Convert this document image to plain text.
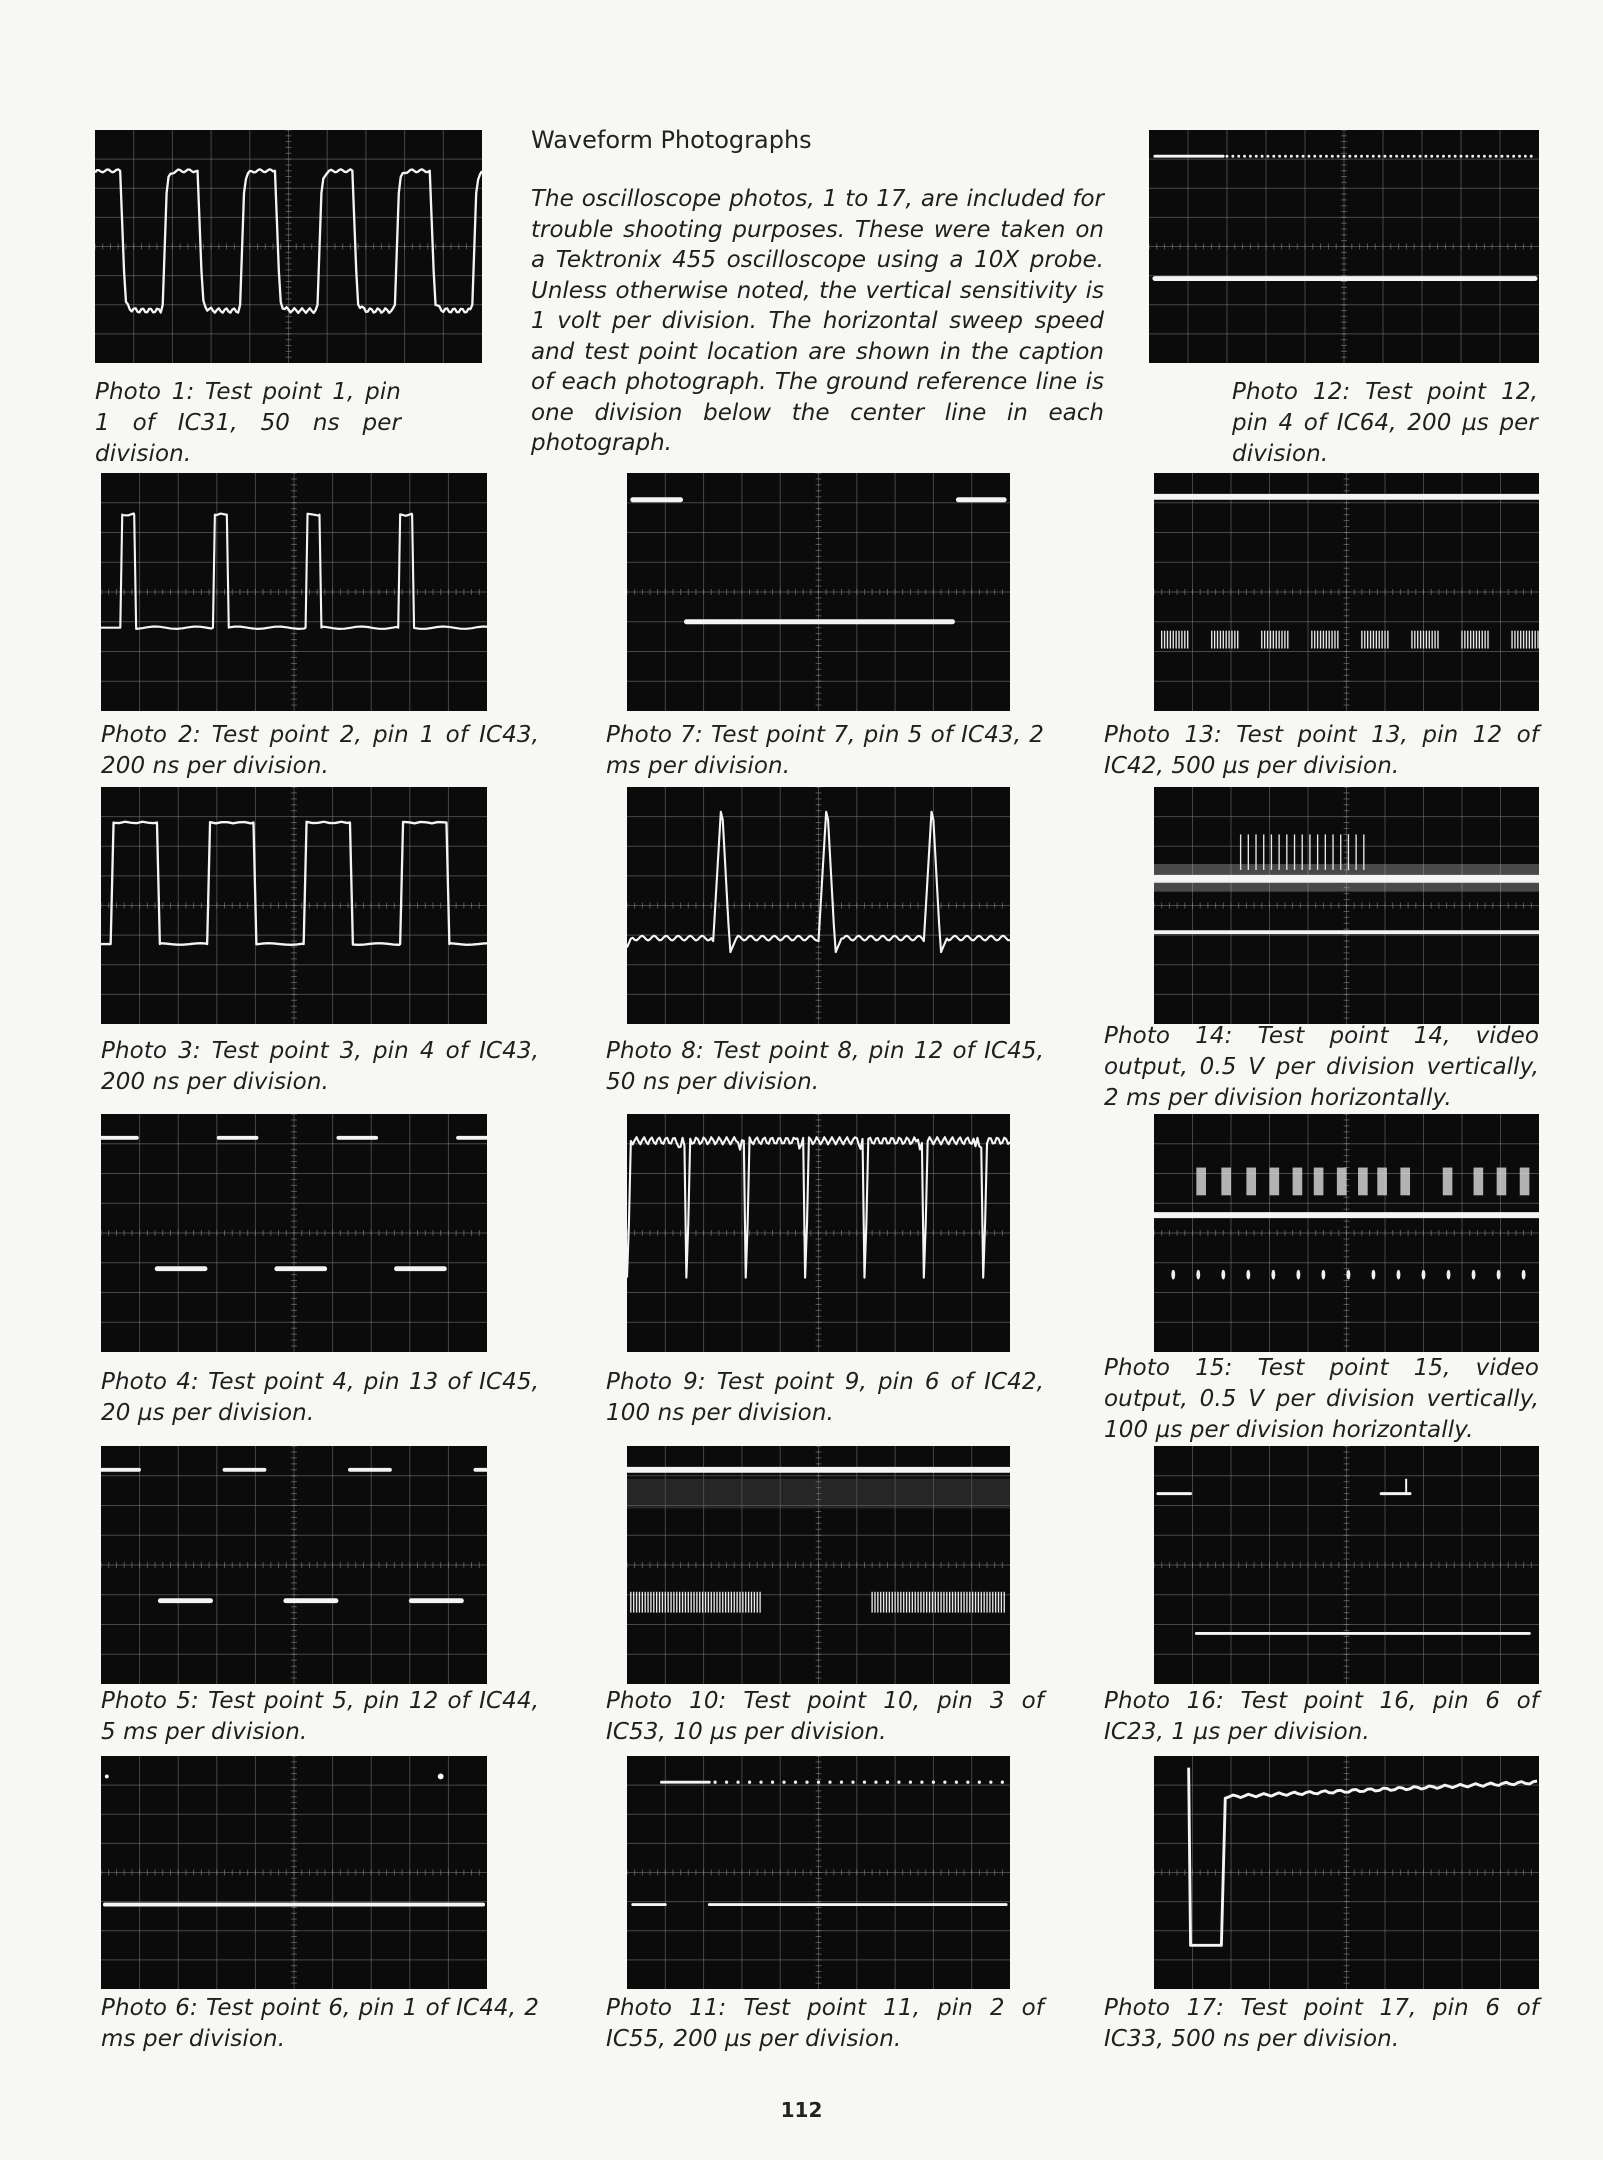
Waveform Photographs
The oscilloscope photos, 1 to 17, are included for trouble shooting purposes. These were taken on a Tektronix 455 oscilloscope using a 10X probe. Unless otherwise noted, the vertical sensitivity is 1 volt per division. The horizontal sweep speed and test point location are shown in the caption of each photograph. The ground reference line is one division below the center line in each photograph.
Photo 1: Test point 1, pin 1 of IC31, 50 ns per division.
Photo 2: Test point 2, pin 1 of IC43, 200 ns per division.
Photo 3: Test point 3, pin 4 of IC43, 200 ns per division.
Photo 4: Test point 4, pin 13 of IC45, 20 µs per division.
Photo 5: Test point 5, pin 12 of IC44, 5 ms per division.
Photo 6: Test point 6, pin 1 of IC44, 2 ms per division.
Photo 7: Test point 7, pin 5 of IC43, 2 ms per division.
Photo 8: Test point 8, pin 12 of IC45, 50 ns per division.
Photo 9: Test point 9, pin 6 of IC42, 100 ns per division.
Photo 10: Test point 10, pin 3 of IC53, 10 µs per division.
Photo 11: Test point 11, pin 2 of IC55, 200 µs per division.
Photo 12: Test point 12, pin 4 of IC64, 200 µs per division.
Photo 13: Test point 13, pin 12 of IC42, 500 µs per division.
Photo 14: Test point 14, video output, 0.5 V per division vertically, 2 ms per division horizontally.
Photo 15: Test point 15, video output, 0.5 V per division vertically, 100 µs per division horizontally.
Photo 16: Test point 16, pin 6 of IC23, 1 µs per division.
Photo 17: Test point 17, pin 6 of IC33, 500 ns per division.
112
